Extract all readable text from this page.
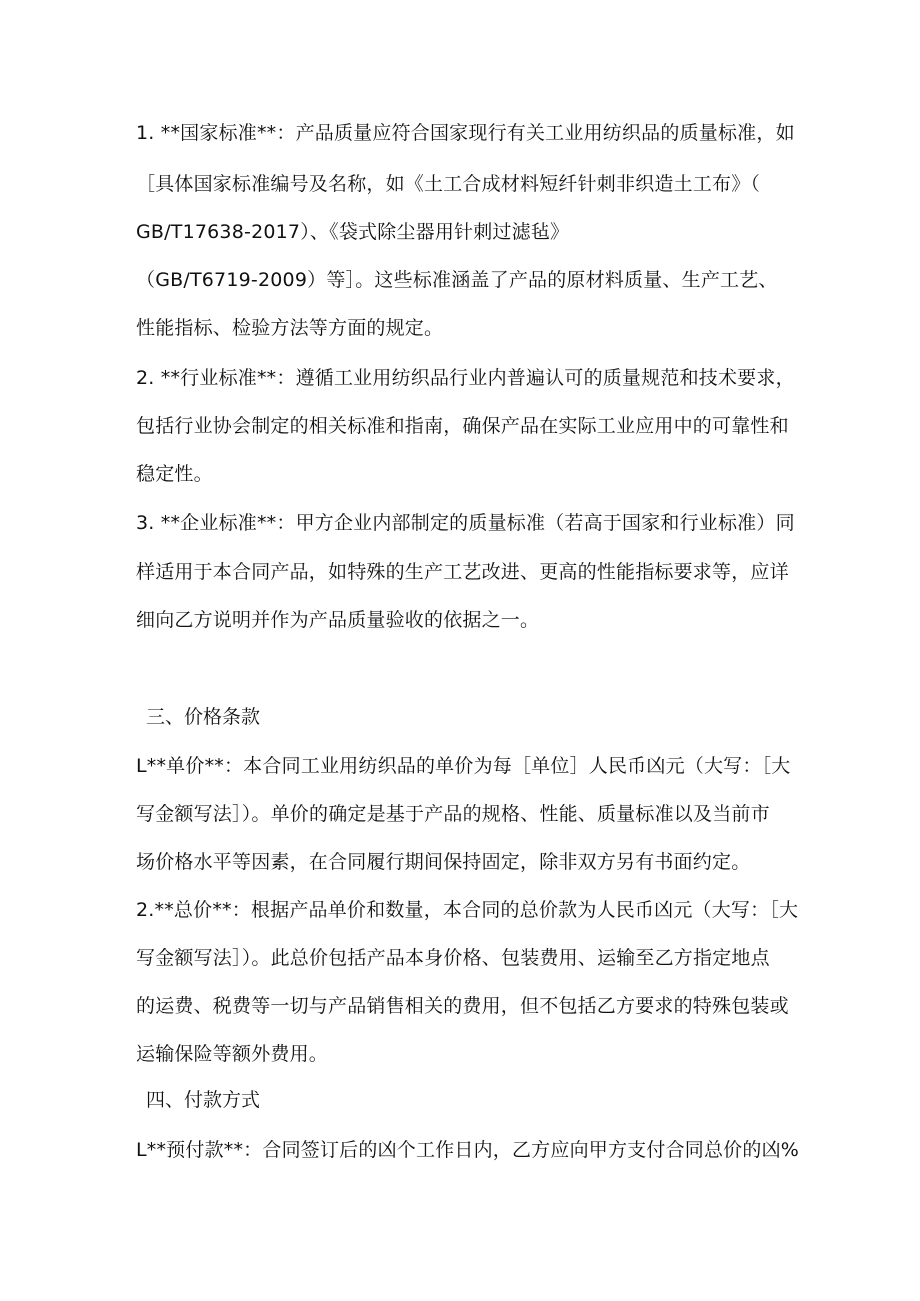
1. **国家标准**：产品质量应符合国家现行有关工业用纺织品的质量标准，如
［具体国家标准编号及名称，如《土工合成材料短纤针刺非织造土工布》（
GB/T17638-2017）、《袋式除尘器用针刺过滤毡》
（GB/T6719-2009）等］。这些标准涵盖了产品的原材料质量、生产工艺、
性能指标、检验方法等方面的规定。
2. **行业标准**：遵循工业用纺织品行业内普遍认可的质量规范和技术要求，
包括行业协会制定的相关标准和指南，确保产品在实际工业应用中的可靠性和
稳定性。
3. **企业标准**：甲方企业内部制定的质量标准（若高于国家和行业标准）同
样适用于本合同产品，如特殊的生产工艺改进、更高的性能指标要求等，应详
细向乙方说明并作为产品质量验收的依据之一。
三、价格条款
L**单价**：本合同工业用纺织品的单价为每［单位］人民币凶元（大写：［大
写金额写法］）。单价的确定是基于产品的规格、性能、质量标准以及当前市
场价格水平等因素，在合同履行期间保持固定，除非双方另有书面约定。
2.**总价**：根据产品单价和数量，本合同的总价款为人民币凶元（大写：［大
写金额写法］）。此总价包括产品本身价格、包装费用、运输至乙方指定地点
的运费、税费等一切与产品销售相关的费用，但不包括乙方要求的特殊包装或
运输保险等额外费用。
四、付款方式
L**预付款**：合同签订后的凶个工作日内，乙方应向甲方支付合同总价的凶%
